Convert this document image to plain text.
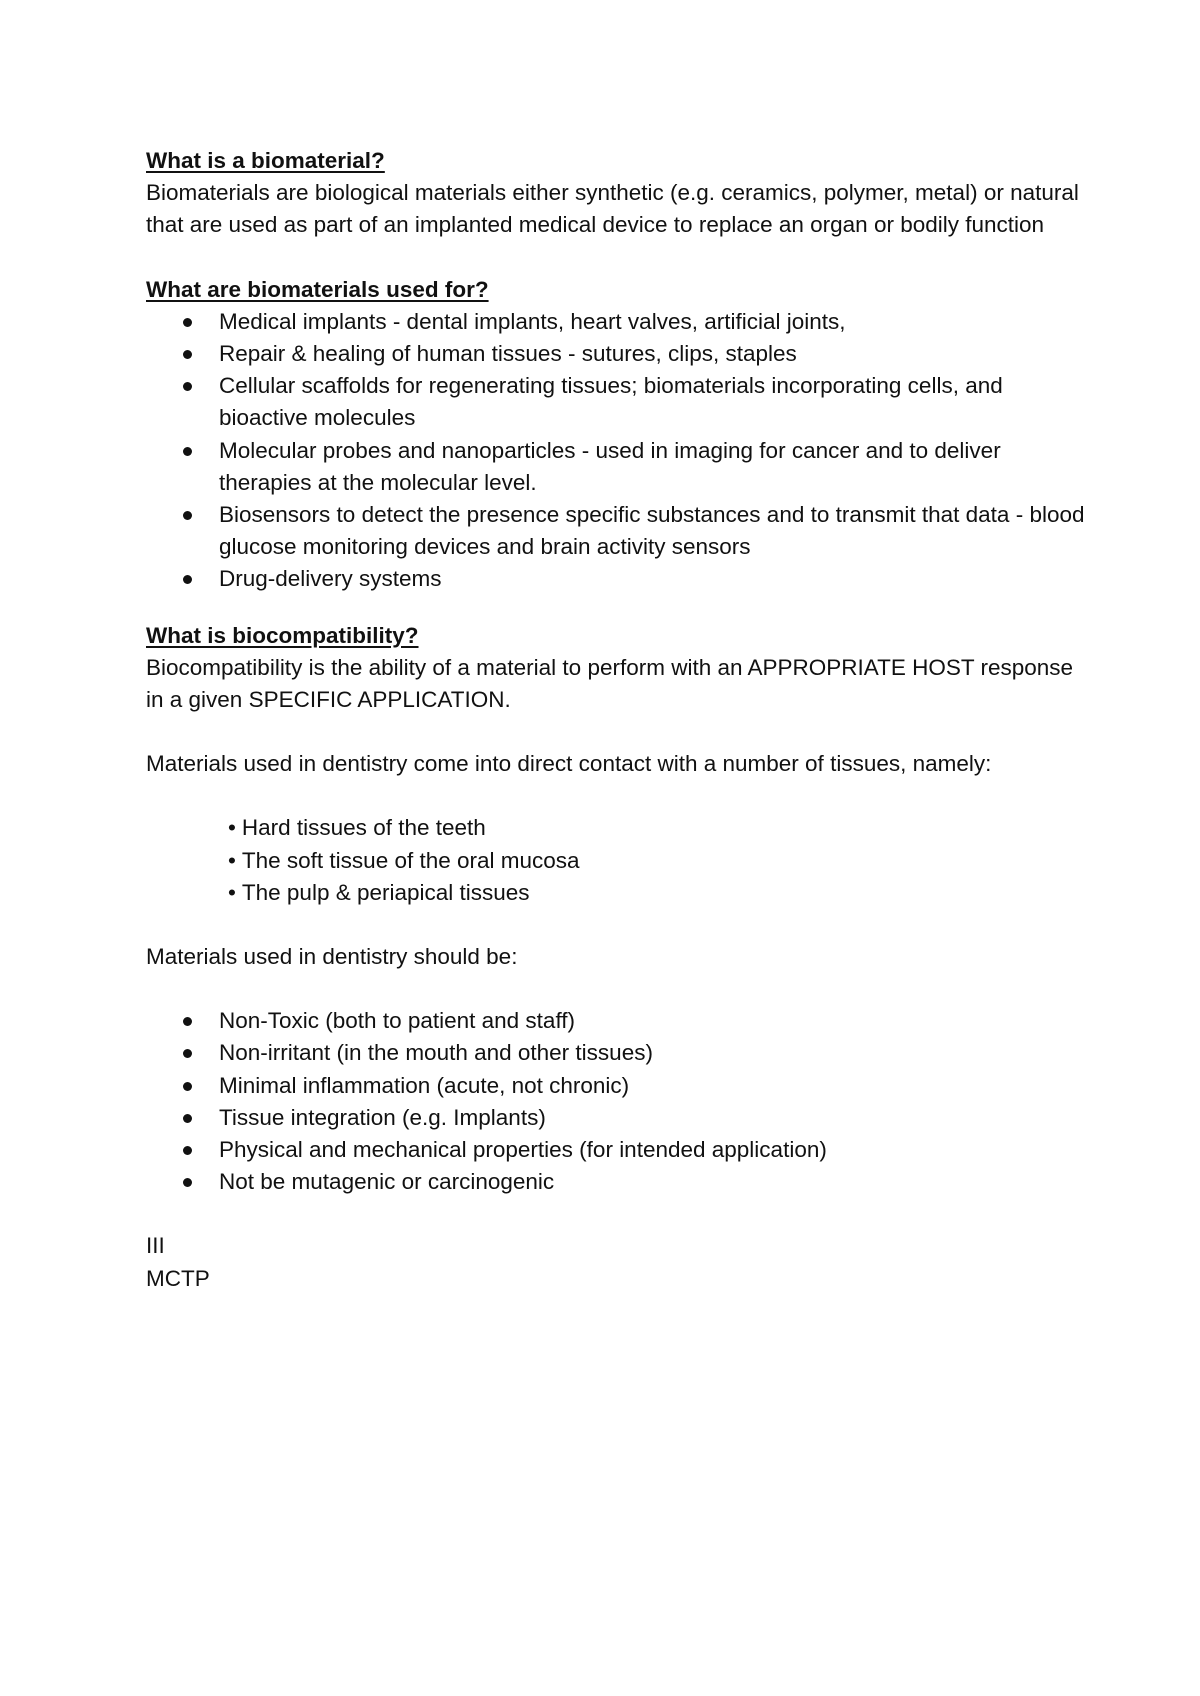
What is a biomaterial?

Biomaterials are biological materials either synthetic (e.g. ceramics, polymer, metal) or natural that are used as part of an implanted medical device to replace an organ or bodily function

What are biomaterials used for?

Medical implants - dental implants, heart valves, artificial joints,
Repair & healing of human tissues - sutures, clips, staples
Cellular scaffolds for regenerating tissues; biomaterials incorporating cells, and bioactive molecules
Molecular probes and nanoparticles - used in imaging for cancer and to deliver therapies at the molecular level.
Biosensors to detect the presence specific substances and to transmit that data - blood glucose monitoring devices and brain activity sensors
Drug-delivery systems

What is biocompatibility?

Biocompatibility is the ability of a material to perform with an APPROPRIATE HOST response in a given SPECIFIC APPLICATION.

Materials used in dentistry come into direct contact with a number of tissues, namely:

• Hard tissues of the teeth
• The soft tissue of the oral mucosa
• The pulp & periapical tissues

Materials used in dentistry should be:

Non-Toxic (both to patient and staff)
Non-irritant (in the mouth and other tissues)
Minimal inflammation (acute, not chronic)
Tissue integration (e.g. Implants)
Physical and mechanical properties (for intended application)
Not be mutagenic or carcinogenic

III

MCTP
